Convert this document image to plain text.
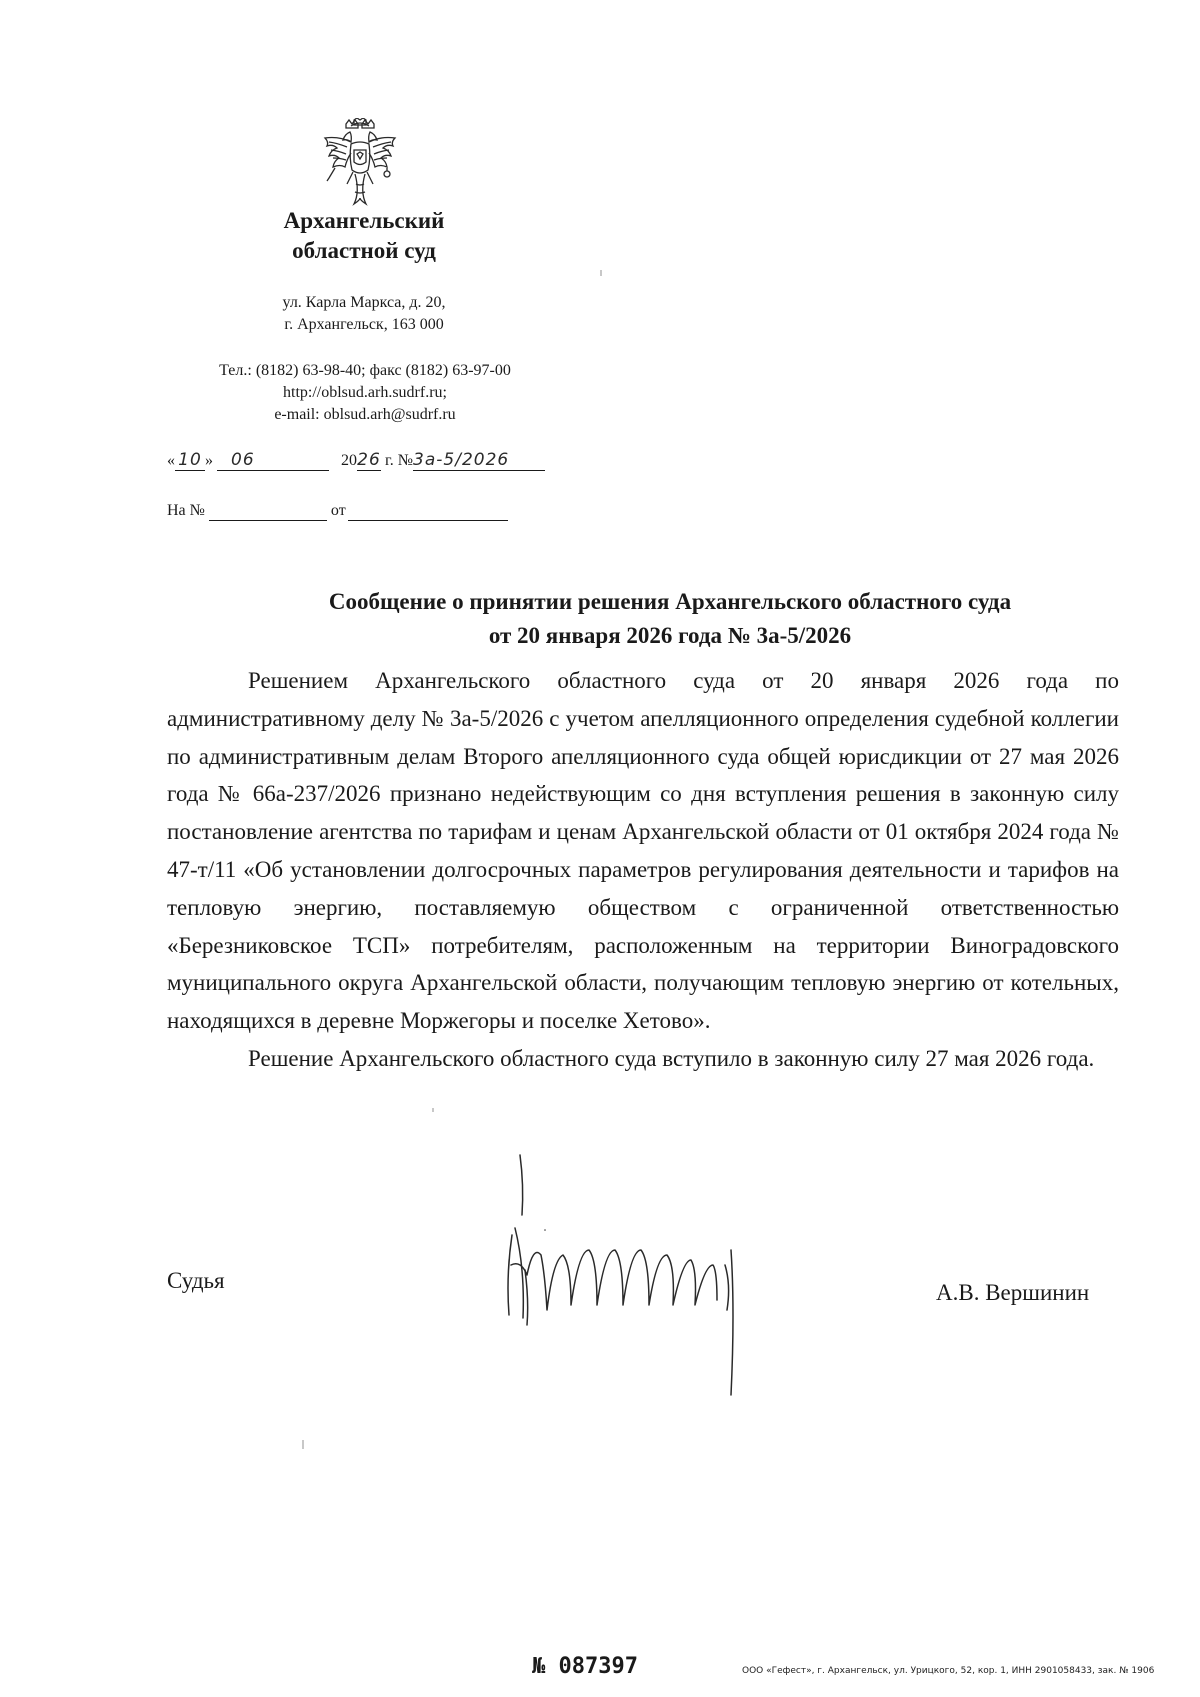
Архангельский
областной суд
ул. Карла Маркса, д. 20,
г. Архангельск, 163 000
Тел.: (8182) 63-98-40; факс (8182) 63-97-00
http://oblsud.arh.sudrf.ru;
e-mail: oblsud.arh@sudrf.ru
« 10 » 06	2026 г. №3а-5/2026
На №	от
Сообщение о принятии решения Архангельского областного суда
от 20 января 2026 года № 3а-5/2026

Решением Архангельского областного суда от 20 января 2026 года по административному делу № 3а-5/2026 с учетом апелляционного определения судебной коллегии по административным делам Второго апелляционного суда общей юрисдикции от 27 мая 2026 года № 66а-237/2026 признано недействующим со дня вступления решения в законную силу постановление агентства по тарифам и ценам Архангельской области от 01 октября 2024 года № 47-т/11 «Об установлении долгосрочных параметров регулирования деятельности и тарифов на тепловую энергию, поставляемую обществом с ограниченной ответственностью «Березниковское ТСП» потребителям, расположенным на территории Виноградовского муниципального округа Архангельской области, получающим тепловую энергию от котельных, находящихся в деревне Моржегоры и поселке Хетово».

Решение Архангельского областного суда вступило в законную силу 27 мая 2026 года.

Судья	А.В. Вершинин
№ 087397	ООО «Гефест», г. Архангельск, ул. Урицкого, 52, кор. 1, ИНН 2901058433, зак. № 1906
